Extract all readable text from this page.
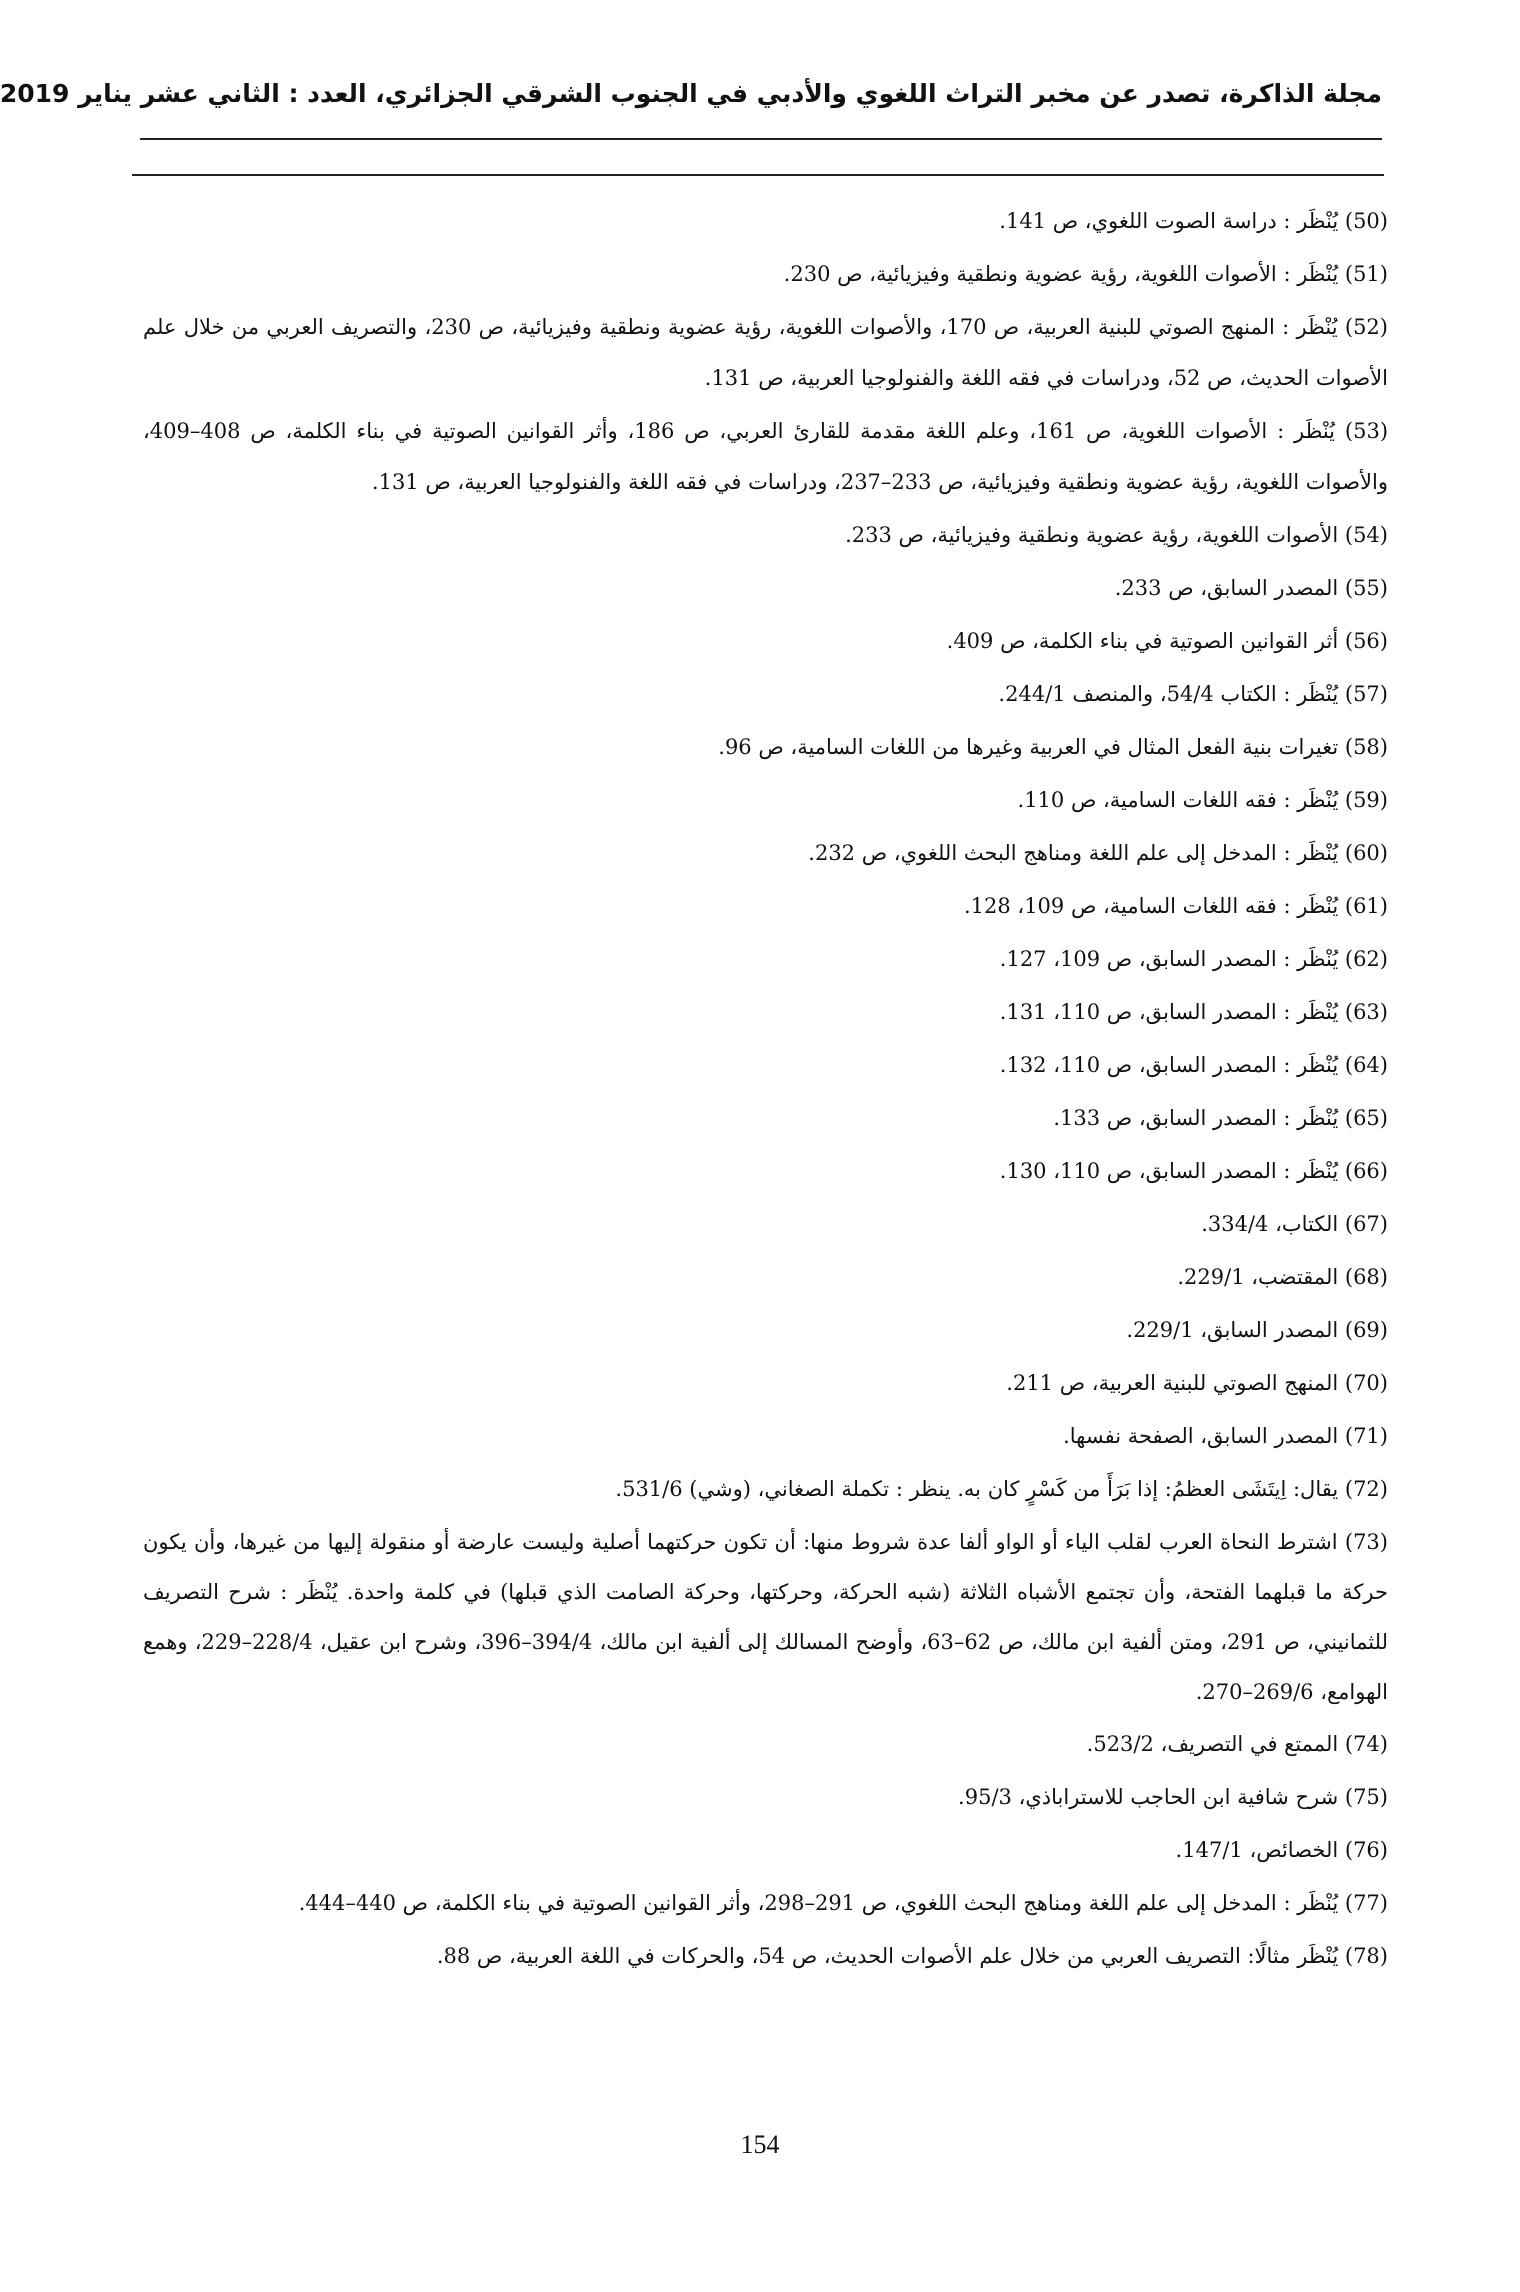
مجلة الذاكرة، تصدر عن مخبر التراث اللغوي والأدبي في الجنوب الشرقي الجزائري، العدد : الثاني عشر يناير 2019
(50) يُنْظَر : دراسة الصوت اللغوي، ص 141.
(51) يُنْظَر : الأصوات اللغوية، رؤية عضوية ونطقية وفيزيائية، ص 230.
(52) يُنْظَر : المنهج الصوتي للبنية العربية، ص 170، والأصوات اللغوية، رؤية عضوية ونطقية وفيزيائية، ص 230، والتصريف العربي من خلال علم الأصوات الحديث، ص 52، ودراسات في فقه اللغة والفنولوجيا العربية، ص 131.
(53) يُنْظَر : الأصوات اللغوية، ص 161، وعلم اللغة مقدمة للقارئ العربي، ص 186، وأثر القوانين الصوتية في بناء الكلمة، ص 408–409، والأصوات اللغوية، رؤية عضوية ونطقية وفيزيائية، ص 233–237، ودراسات في فقه اللغة والفنولوجيا العربية، ص 131.
(54) الأصوات اللغوية، رؤية عضوية ونطقية وفيزيائية، ص 233.
(55) المصدر السابق، ص 233.
(56) أثر القوانين الصوتية في بناء الكلمة، ص 409.
(57) يُنْظَر : الكتاب 54/4، والمنصف 244/1.
(58) تغيرات بنية الفعل المثال في العربية وغيرها من اللغات السامية، ص 96.
(59) يُنْظَر : فقه اللغات السامية، ص 110.
(60) يُنْظَر : المدخل إلى علم اللغة ومناهج البحث اللغوي، ص 232.
(61) يُنْظَر : فقه اللغات السامية، ص 109، 128.
(62) يُنْظَر : المصدر السابق، ص 109، 127.
(63) يُنْظَر : المصدر السابق، ص 110، 131.
(64) يُنْظَر : المصدر السابق، ص 110، 132.
(65) يُنْظَر : المصدر السابق، ص 133.
(66) يُنْظَر : المصدر السابق، ص 110، 130.
(67) الكتاب، 334/4.
(68) المقتضب، 229/1.
(69) المصدر السابق، 229/1.
(70) المنهج الصوتي للبنية العربية، ص 211.
(71) المصدر السابق، الصفحة نفسها.
(72) يقال: اِيتَشَى العظمُ: إذا بَرَأَ من كَسْرٍ كان به. ينظر : تكملة الصغاني، (وشي) 531/6.
(73) اشترط النحاة العرب لقلب الياء أو الواو ألفا عدة شروط منها: أن تكون حركتهما أصلية وليست عارضة أو منقولة إليها من غيرها، وأن يكون حركة ما قبلهما الفتحة، وأن تجتمع الأشباه الثلاثة (شبه الحركة، وحركتها، وحركة الصامت الذي قبلها) في كلمة واحدة. يُنْظَر : شرح التصريف للثمانيني، ص 291، ومتن ألفية ابن مالك، ص 62–63، وأوضح المسالك إلى ألفية ابن مالك، 394/4–396، وشرح ابن عقيل، 228/4–229، وهمع الهوامع، 269/6–270.
(74) الممتع في التصريف، 523/2.
(75) شرح شافية ابن الحاجب للاستراباذي، 95/3.
(76) الخصائص، 147/1.
(77) يُنْظَر : المدخل إلى علم اللغة ومناهج البحث اللغوي، ص 291–298، وأثر القوانين الصوتية في بناء الكلمة، ص 440–444.
(78) يُنْظَر مثالًا: التصريف العربي من خلال علم الأصوات الحديث، ص 54، والحركات في اللغة العربية، ص 88.
154
